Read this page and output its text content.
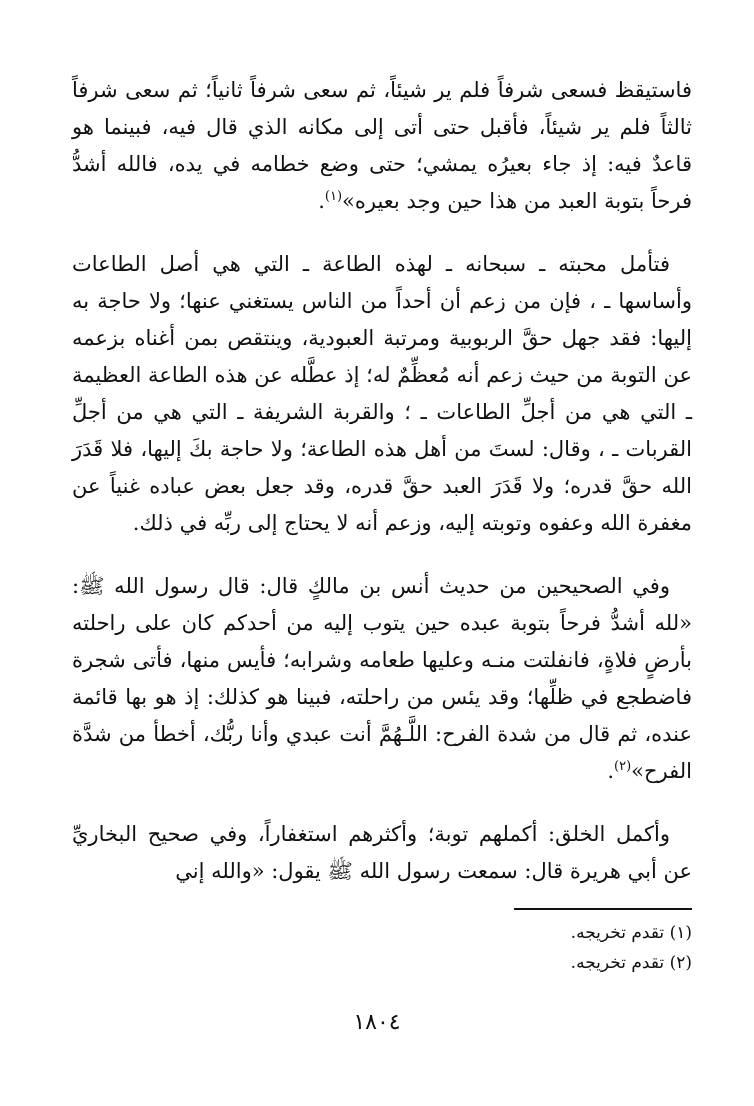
فاستيقظ فسعى شرفاً فلم ير شيئاً، ثم سعى شرفاً ثانياً؛ ثم سعى شرفاً ثالثاً فلم ير شيئاً، فأقبل حتى أتى إلى مكانه الذي قال فيه، فبينما هو قاعدٌ فيه: إذ جاء بعيرُه يمشي؛ حتى وضع خطامه في يده، فالله أشدُّ فرحاً بتوبة العبد من هذا حين وجد بعيره»$^{(١)}$.

فتأمل محبته ـ سبحانه ـ لهذه الطاعة ـ التي هي أصل الطاعات وأساسها ـ ، فإن من زعم أن أحداً من الناس يستغني عنها؛ ولا حاجة به إليها: فقد جهل حقَّ الربوبية ومرتبة العبودية، وينتقص بمن أغناه بزعمه عن التوبة من حيث زعم أنه مُعظِّمٌ له؛ إذ عطَّله عن هذه الطاعة العظيمة ـ التي هي من أجلِّ الطاعات ـ ؛ والقربة الشريفة ـ التي هي من أجلِّ القربات ـ ، وقال: لستَ من أهل هذه الطاعة؛ ولا حاجة بكَ إليها، فلا قَدَرَ الله حقَّ قدره؛ ولا قَدَرَ العبد حقَّ قدره، وقد جعل بعض عباده غنياً عن مغفرة الله وعفوه وتوبته إليه، وزعم أنه لا يحتاج إلى ربِّه في ذلك.

وفي الصحيحين من حديث أنس بن مالكٍ قال: قال رسول الله ﷺ: «لله أشدُّ فرحاً بتوبة عبده حين يتوب إليه من أحدكم كان على راحلته بأرضٍ فلاةٍ، فانفلتت منـه وعليها طعامه وشرابه؛ فأيس منها، فأتى شجرة فاضطجع في ظلِّها؛ وقد يئس من راحلته، فبينا هو كذلك: إذ هو بها قائمة عنده، ثم قال من شدة الفرح: اللَّـهُمَّ أنت عبدي وأنا ربُّك، أخطأ من شدَّة الفرح»$^{(٢)}$.

وأكمل الخلق: أكملهم توبة؛ وأكثرهم استغفاراً، وفي صحيح البخاريِّ عن أبي هريرة قال: سمعت رسول الله ﷺ يقول: «والله إني

(١) تقدم تخريجه.
(٢) تقدم تخريجه.
١٨٠٤
